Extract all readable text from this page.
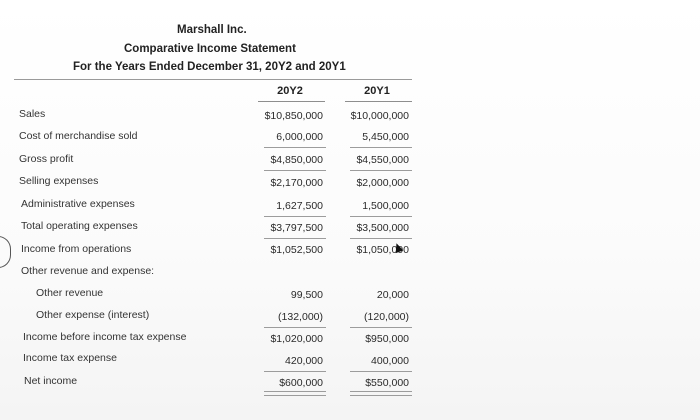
Marshall Inc.
Comparative Income Statement
For the Years Ended December 31, 20Y2 and 20Y1
20Y2	20Y1
Sales	$10,850,000	$10,000,000
Cost of merchandise sold	6,000,000	5,450,000
Gross profit	$4,850,000	$4,550,000
Selling expenses	$2,170,000	$2,000,000
Administrative expenses	1,627,500	1,500,000
Total operating expenses	$3,797,500	$3,500,000
Income from operations	$1,052,500	$1,050,000
Other revenue and expense:
Other revenue	99,500	20,000
Other expense (interest)	(132,000)	(120,000)
Income before income tax expense	$1,020,000	$950,000
Income tax expense	420,000	400,000
Net income	$600,000	$550,000
